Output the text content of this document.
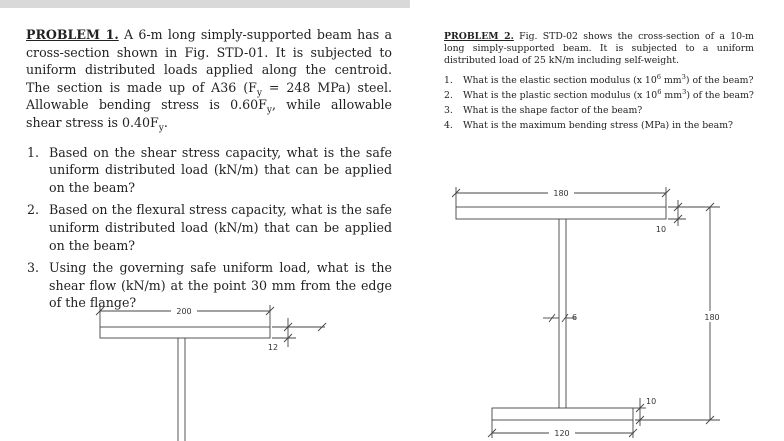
PROBLEM 1. A 6-m long simply-supported beam has a cross-section shown in Fig. STD-01. It is subjected to uniform distributed loads applied along the centroid. The section is made up of A36 ($F_y = 248$ MPa) steel. Allowable bending stress is $0.60F_y$, while allowable shear stress is $0.40F_y$.

1. Based on the shear stress capacity, what is the safe uniform distributed load (kN/m) that can be applied on the beam?
2. Based on the flexural stress capacity, what is the safe uniform distributed load (kN/m) that can be applied on the beam?
3. Using the governing safe uniform load, what is the shear flow (kN/m) at the point 30 mm from the edge of the flange?

PROBLEM 2. Fig. STD-02 shows the cross-section of a 10-m long simply-supported beam. It is subjected to a uniform distributed load of 25 kN/m including self-weight.

1. What is the elastic section modulus (x $10^6$ $mm^3$) of the beam?
2. What is the plastic section modulus (x $10^6$ $mm^3$) of the beam?
3. What is the shape factor of the beam?
4. What is the maximum bending stress (MPa) in the beam?
200
12
180
10
6	180
10
120
